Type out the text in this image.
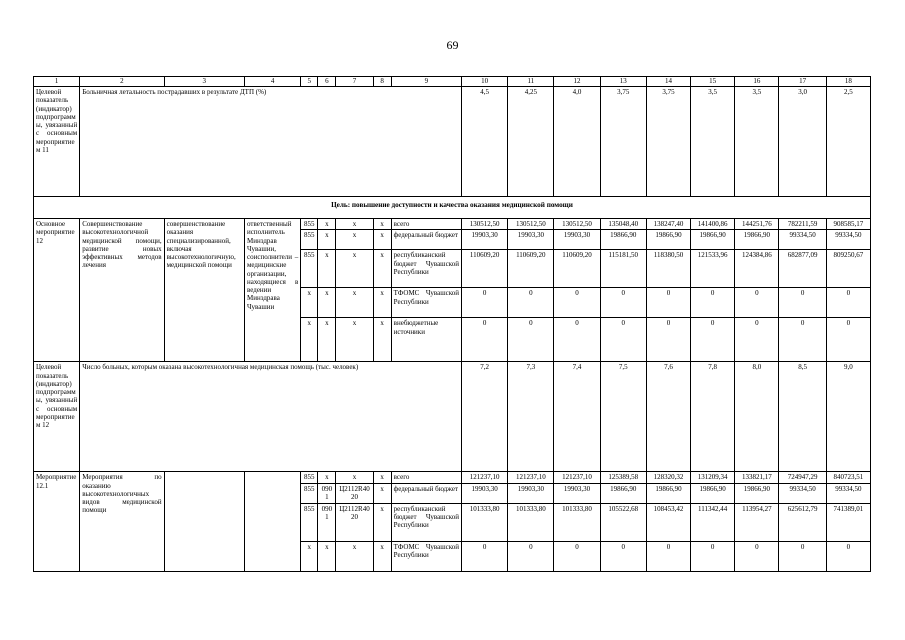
69
1	2	3	4	5	6	7	8	9	10	11	12	13	14	15	16	17	18
Целевой показатель (индикатор) подпрограммы, увязанный с основным мероприятием 11	Больничная летальность пострадавших в результате ДТП (%)								4,5	4,25	4,0	3,75	3,75	3,5	3,5	3,0	2,5
Цель: повышение доступности и качества оказания медицинской помощи																	
Основное мероприятие 12	Совершенствование высокотехнологичной медицинской помощи, развитие новых эффективных методов лечения	совершенствование оказания специализированной, включая высокотехнологичную, медицинской помощи	ответственный исполнитель Минздрав Чувашии, соисполнители – медицинские организации, находящиеся в ведении Минздрава Чувашии	855	x	x	x	всего	130512,50	130512,50	130512,50	135048,40	138247,40	141400,86	144251,76	782211,59	908585,17
				855	x	x	x	федеральный бюджет	19903,30	19903,30	19903,30	19866,90	19866,90	19866,90	19866,90	99334,50	99334,50
				855	x	x	x	республиканский бюджет Чувашской Республики	110609,20	110609,20	110609,20	115181,50	118380,50	121533,96	124384,86	682877,09	809250,67
				x	x	x	x	ТФОМС Чувашской Республики	0	0	0	0	0	0	0	0	0
				x	x	x	x	внебюджетные источники	0	0	0	0	0	0	0	0	0
Целевой показатель (индикатор) подпрограммы, увязанный с основным мероприятием 12	Число больных, которым оказана высокотехнологичная медицинская помощь (тыс. человек)								7,2	7,3	7,4	7,5	7,6	7,8	8,0	8,5	9,0
Мероприятие 12.1	Мероприятия по оказанию высокотехнологичных видов медицинской помощи			855	x	x	x	всего	121237,10	121237,10	121237,10	125389,58	128320,32	131209,34	133821,17	724947,29	840723,51
				855	0901	Ц2112R40 20	x	федеральный бюджет	19903,30	19903,30	19903,30	19866,90	19866,90	19866,90	19866,90	99334,50	99334,50
				855	0901	Ц2112R40 20	x	республиканский бюджет Чувашской Республики	101333,80	101333,80	101333,80	105522,68	108453,42	111342,44	113954,27	625612,79	741389,01
				x	x	x	x	ТФОМС Чувашской Республики	0	0	0	0	0	0	0	0	0
